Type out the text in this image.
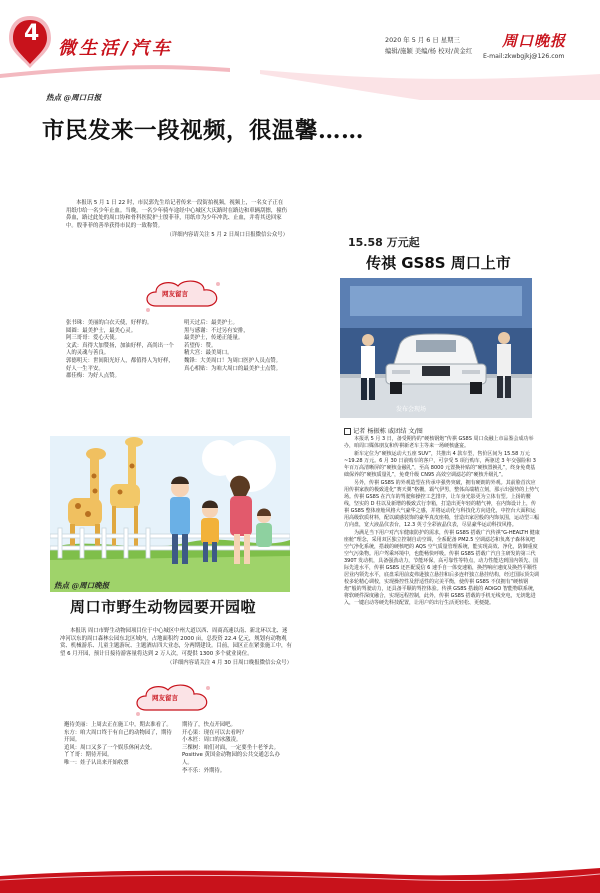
4
微生活/汽车	2020 年 5 月 6 日 星期三
编辑/施颖 美编/杨 校对/黄金红
周口晚报
E-mail:zkwbgjkj@126.com
热点 @周口日报
市民发来一段视频，很温馨……
本报讯 5 月 1 日 22 时，市民郭先生给记者传来一段街拍视频，视频上，一名女子正在用纸巾给一名少年止血。当晚，一名少年骑车途经中心城区大庆路时在路边和車辆刮擦，撞伤鼻血，路过此处的周口协和骨科医院护士殷菲菲，用纸巾为少年冲洗、止血，并将其送回家中。殷菲菲的善举获得市民的一致称赞。
（详细内容请关注 5 月 2 日周口日报微信公众号）
网友留言
张书珠：美丽的白衣天使，好样的。
圆圆：最美护士，最美心灵。
阿三哥哥：爱心天使。
文武：真得大加赞扬，加油好样，高尚出一个人的灵魂与善良。
郭德明天：世间阳光好人，都值得人为好样，好人一生平安。
郡佳梅：为好人点赞。
明天过后：最美护士。
黑与感谢：不过另有安排，
最美护士，传递正能量。
若望传：赞。
精大宫：最美周口。
魏锋：大美周口！为周口医护人员点赞。
真心相贴：为咱大周口的最美护士点赞。
热点 @周口晚报
周口市野生动物园要开园啦
本报讯 周口市野生动物园项目位于中心城区中州大道以西、周商高速以南、新北环以北、迷冲河以东的周口森林公园东北区域内，占地面积约 2000 亩，总投资 22.4 亿元，规划有动物观赏、机械游乐、儿童主题游玩、主题酒店四大业态，分两期建设。目前，园区正在紧张施工中，有望 6 月开园，预计日接待游客量将达到 2 万人次，可提供 1300 多个就业岗位。
（详细内容请关注 4 月 30 日周口晚报微信公众号）
网友留言
邂待美丽：上周去正在施工中，期去准看了。
东方：咱大周口终于有自己的动物园了，期待开园。
追风：周口又多了一个娱乐休闲去处。
丫丫哥：期待开园。
唯一：娃子认出来开始收票
期待了，快点开园吧。
开心果：现在可以去看吗？
小木匠：周口的冰激凌。
三棵树：咱们对面，一定要坐十老爷去。
Positive 黄国金动物园的公共交通怎么办人。
李不乐：外期待。
15.58 万元起
传祺 GS8S 周口上市
发布会现场
记者 杨振栋 戚团结 文/图

本报讯 5 月 3 日，备受期待的“硬核钢炮”传祺 GS8S 周口众融上市品鉴会成功举办，咱周口媒体朋友和传祺新老车主等来一场硬核盛宴。

新车定位为“硬核运动大五座 SUV”，共推出 4 款车型，售价区间为 15.58 万元~19.28 万元。6 月 30 日前购车的客户，可享受 5 项行购车，两驱送 3 年交强险和 3 年百万高清晰屏的“硬核金融礼”，至高 8000 元置换补贴的“硬核置换礼”，终身免费基础保养的“硬核质量礼”，免费升级 CN95 高效空调滤芯的“硬核升级礼”。

另外，传祺 GS8S 的外观造型在传承中强势突破，拥有硬朗的外观。其前脸首次应用传祺家族的极致进化“赛天翼”格栅，霸气伊男，整体高端精立刻，那示出强势的上势气场。传祺 GS8S 在汽车的驾驶和操控工艺排序，让车身光影更为立体有型。上扬的腰线，坚实的 D 柱以及新增的极致式行李箱，打造出更年轻的精气神，在内饰设计上，传祺 GS8S 整体座舱风格大气豪华之感，并将运动化与科技化方向进化，中控台大面积运用高级软质材料，配以碳感装饰的豪华真皮座椅，营造出家居般的内饰氛围，运动型三幅方向盘，宽大液晶仪表台，12.3 英寸全彩液晶仪表，尽显豪华运动科技风格。

为满足当下用户对汽车健康防护的需求，传祺 GS8S 搭载广汽传祺“G-HEALTH 健康座舱”理念，采用双区独立控制自动空调，全系配备 PM2.5 空调滤芯和负离子森林氧吧空气净化系统，搭载的硬核吧的 AQS 空气质量管理系统，能实现高效、净化，防御重度空气污染物。用户驾乘环境中，也能畅快呼吸。传祺 GS8S 搭载广汽自主研发的第三代 390T 发动机，具备强劲动力，节能环保，高可靠性等特点，动力性能达到国内领先、国际先进水平，传祺 GS8S 还匹配爱信 6 速手自一体变速箱，换挡响应速度及换挡平顺性居业内领先水平，底盘采用前麦弗逊独立悬挂和后多连杆独立悬挂结构，经过国际顶尖调校多轮精心调校，实现操控性及舒适性的完美平衡，使传祺 GS8S 不仅拥有“硬核钢炮”般的驾驶动力，还具备平顺的驾控体验。传祺 GS8S 搭载的 ADiGO 智能物联系统，将软硬件深度融合，实现远程控制，此外，传祺 GS8S 搭载的手机无线充电，无钥匙进入，一键启动等硬先科技配置，让用户的出行生活更轻松、更便捷。
